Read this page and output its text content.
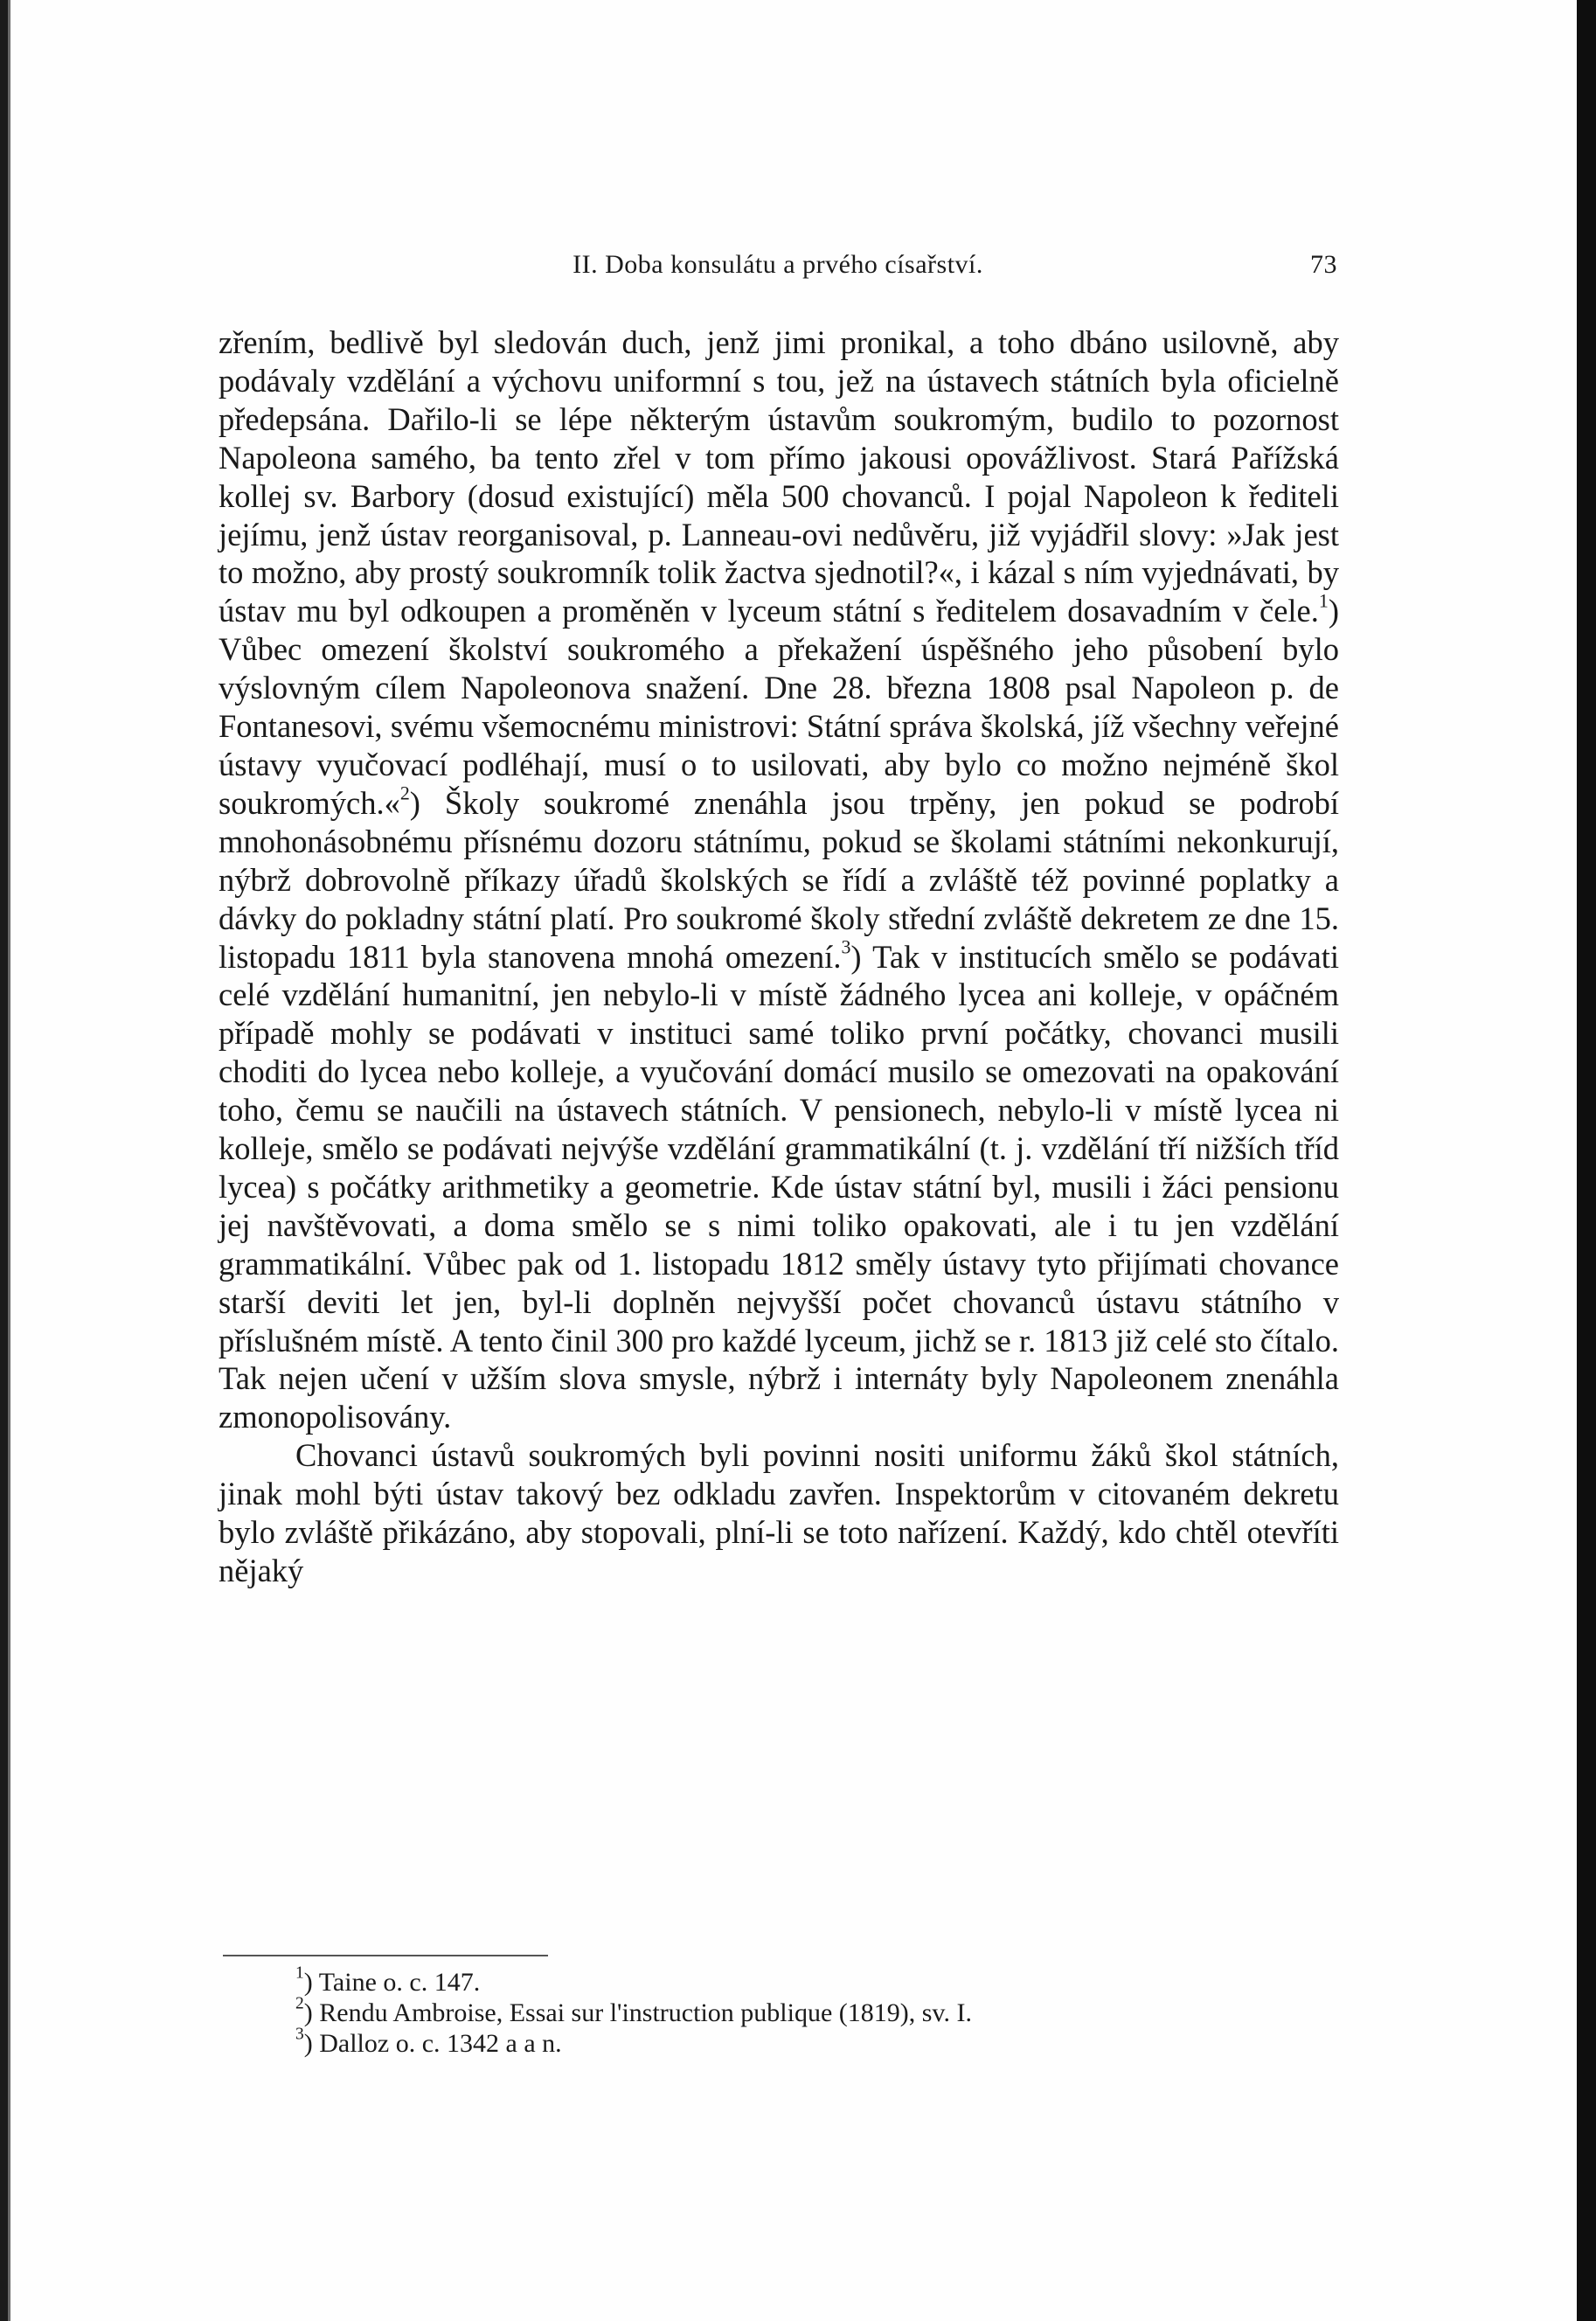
II. Doba konsulátu a prvého císařství.	73

zřením, bedlivě byl sledován duch, jenž jimi pronikal, a toho dbáno usilovně, aby podávaly vzdělání a výchovu uniformní s tou, jež na ústavech státních byla oficielně předepsána. Dařilo-li se lépe některým ústavům soukromým, budilo to pozornost Napoleona samého, ba tento zřel v tom přímo jakousi opovážlivost. Stará Pařížská kollej sv. Barbory (dosud existující) měla 500 chovanců. I pojal Napoleon k řediteli jejímu, jenž ústav reorganisoval, p. Lanneau-ovi nedůvěru, již vyjádřil slovy: »Jak jest to možno, aby prostý soukromník tolik žactva sjednotil?«, i kázal s ním vyjednávati, by ústav mu byl odkoupen a proměněn v lyceum státní s ředitelem dosavadním v čele.$^1$) Vůbec omezení školství soukromého a překažení úspěšného jeho působení bylo výslovným cílem Napoleonova snažení. Dne 28. března 1808 psal Napoleon p. de Fontanesovi, svému všemocnému ministrovi: Státní správa školská, jíž všechny veřejné ústavy vyučovací podléhají, musí o to usilovati, aby bylo co možno nejméně škol soukromých.«$^2$) Školy soukromé znenáhla jsou trpěny, jen pokud se podrobí mnohonásobnému přísnému dozoru státnímu, pokud se školami státními nekonkurují, nýbrž dobrovolně příkazy úřadů školských se řídí a zvláště též povinné poplatky a dávky do pokladny státní platí. Pro soukromé školy střední zvláště dekretem ze dne 15. listopadu 1811 byla stanovena mnohá omezení.$^3$) Tak v institucích smělo se podávati celé vzdělání humanitní, jen nebylo-li v místě žádného lycea ani kolleje, v opáčném případě mohly se podávati v instituci samé toliko první počátky, chovanci musili choditi do lycea nebo kolleje, a vyučování domácí musilo se omezovati na opakování toho, čemu se naučili na ústavech státních. V pensionech, nebylo-li v místě lycea ni kolleje, smělo se podávati nejvýše vzdělání grammatikální (t. j. vzdělání tří nižších tříd lycea) s počátky arithmetiky a geometrie. Kde ústav státní byl, musili i žáci pensionu jej navštěvovati, a doma smělo se s nimi toliko opakovati, ale i tu jen vzdělání grammatikální. Vůbec pak od 1. listopadu 1812 směly ústavy tyto přijímati chovance starší deviti let jen, byl-li doplněn nejvyšší počet chovanců ústavu státního v příslušném místě. A tento činil 300 pro každé lyceum, jichž se r. 1813 již celé sto čítalo. Tak nejen učení v užším slova smysle, nýbrž i internáty byly Napoleonem znenáhla zmonopolisovány.

Chovanci ústavů soukromých byli povinni nositi uniformu žáků škol státních, jinak mohl býti ústav takový bez odkladu zavřen. Inspektorům v citovaném dekretu bylo zvláště přikázáno, aby stopovali, plní-li se toto nařízení. Každý, kdo chtěl otevříti nějaký

$^1$) Taine o. c. 147.
$^2$) Rendu Ambroise, Essai sur l'instruction publique (1819), sv. I.
$^3$) Dalloz o. c. 1342 a a n.
